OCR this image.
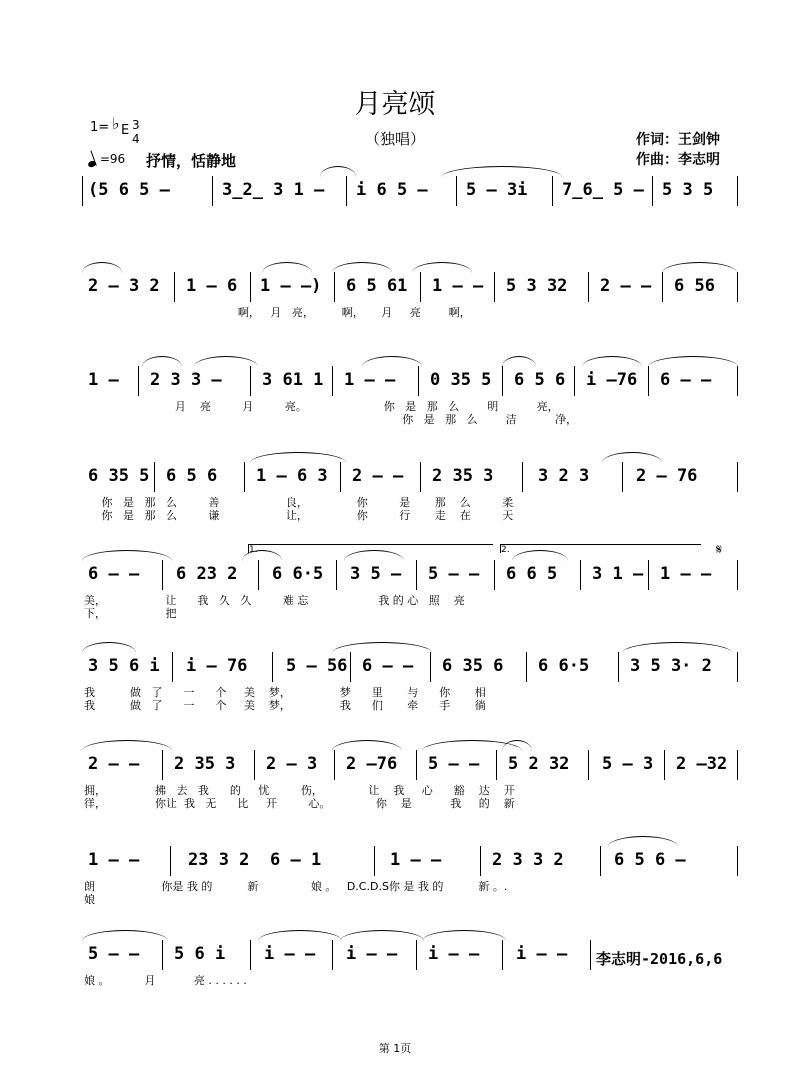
月亮颂
（独唱）
1= ♭ E 3
4
=96 抒情，恬静地
作词：王剑钟
作曲：李志明
(5 6 5 –	3̲2̲ 3 1 – i 6 5 – 5 – 3i 7̲6̲ 5 – 5 3 5
2 – 3 2 1 – 6 1 – –) 6 5 61 1 – – 5 3 32 2 – – 6 56
啊，   月   亮，        啊，     月     亮        啊，
1 – 2 3 3 – 3 61 1 1 – – 0 35 5 6 5 6 i –76 6 – –
月    亮         月         亮。                      你   是   那   么        明           亮，
你   是   那   么        洁           净，
6 35 5 6 5 6 1 – 6 3 2 – – 2 35 3	3 2 3	2 – 76
你   是   那   么         善                   良，              你         是       那    么         柔
你   是   那   么         谦                   让，              你         行       走    在         天
6 – – 6 23 2 6 6·5 3 5 – 5 – – 6 6 5 3 1 – 1 – –
美，                 让      我   久   久         难 忘                    我 的 心   照    亮
下，                 把
3 5 6 i i – 76 5 – 56 6 – – 6 35 6 6 6·5 3 5 3· 2
我          做   了      一      个     美    梦，              梦      里       与      你       相
我          做   了      一      个     美    梦，              我      们       牵      手       徜
2 – – 2 35 3 2 – 3 2 –76 5 – – 5 2 32 5 – 3 2 –32
拥，              拂   去   我      的     忧         伤，             让    我     心      豁    达    开
徉，              你让  我   无      比     开         心。             你    是           我     的    新
1 – –	23 3 2 6 – 1	1 – –	2 3 3 2	6 5 6 –
朗                   你是 我 的          新               娘 。   D.C.D.S你 是 我 的          新 。.
娘
5 – – 5 6 i i – – i – – i – – i – –
娘 。          月           亮 . . . . . .
𝄋
李志明-2016,6,6
第 1页
1.	2.
